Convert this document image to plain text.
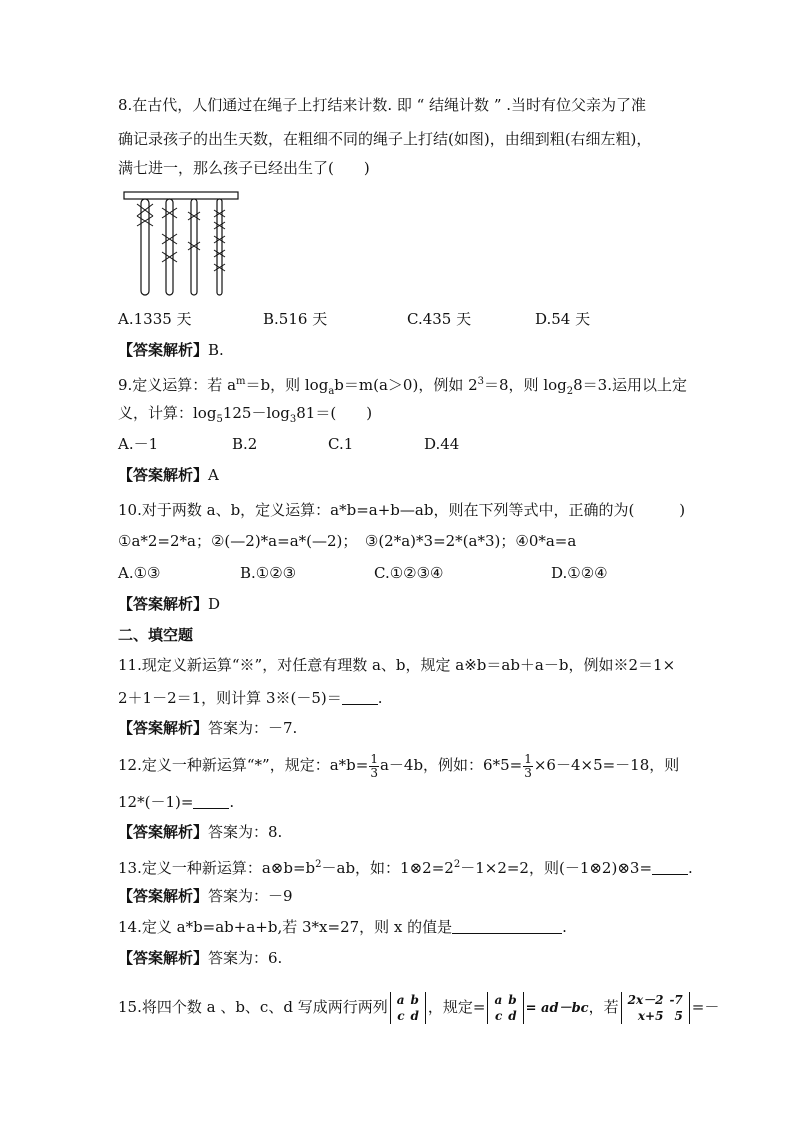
8.在古代，人们通过在绳子上打结来计数. 即 “ 结绳计数 ” .当时有位父亲为了准
确记录孩子的出生天数，在粗细不同的绳子上打结(如图)，由细到粗(右细左粗)，
满七进一，那么孩子已经出生了(　　)
A.1335 天	B.516 天	C.435 天	D.54 天
【答案解析】B.
9.定义运算：若 $a^m=b$，则 $\log_ab=m(a>0)$，例如 $2^3=8$，则 $\log_28=3$.运用以上定
义，计算：$\log_5125-\log_381=$(　　)
A.－1	B.2	C.1	D.44
【答案解析】A
10.对于两数 a、b，定义运算：a*b=a+b—ab，则在下列等式中，正确的为(　　　)
①a*2=2*a；②(—2)*a=a*(—2)；　③(2*a)*3=2*(a*3)；④0*a=a
A.①③	B.①②③	C.①②③④	D.①②④
【答案解析】D
二、填空题
11.现定义新运算“※”，对任意有理数 a、b，规定 a※b＝ab＋a－b，例如※2＝1×
2＋1－2＝1，则计算 3※(－5)＝ .
【答案解析】答案为：－7.
12.定义一种新运算“*”，规定：$a*b= \frac{1}{3} a-4b$，例如：$6*5= \frac{1}{3} \times 6-4\times 5=-18$，则
12*(－1)= .
【答案解析】答案为：8.
13.定义一种新运算：$a\otimes b=b^2-ab$，如：$1\otimes 2=2^2-1\times 2=2$，则(－1⊗2)⊗3= .
【答案解析】答案为：－9
14.定义 a*b=ab+a+b,若 3*x=27，则 x 的值是	.
【答案解析】答案为：6.
15.将四个数 a 、b、c、d 写成两行两列 a	b
c	d ，规定= a	b
c	d = ad－bc，若 2x－2	-7
x+5	5 =－
